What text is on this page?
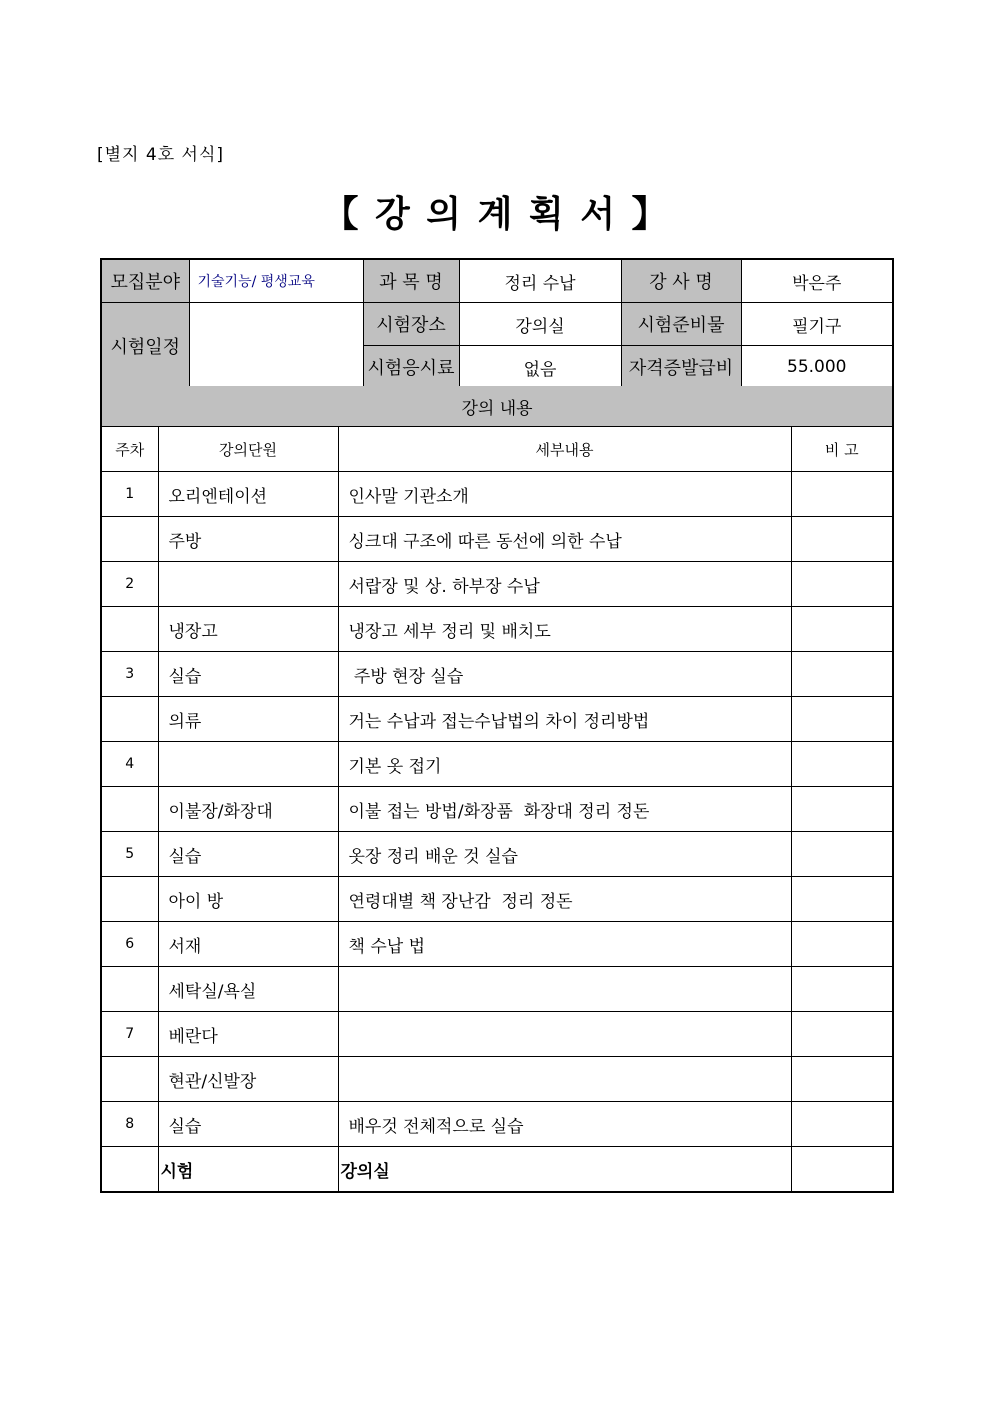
[별지 4호 서식]
【 강 의 계 획 서 】
모집분야	기술기능/ 평생교육	과 목 명	정리 수납	강 사 명	박은주
시험일정		시험장소	강의실	시험준비물	필기구
		시험응시료	없음	자격증발급비	55.000
강의 내용			
주차	강의단원	세부내용	비 고
1	오리엔테이션	인사말 기관소개	
	주방	싱크대 구조에 따른 동선에 의한 수납	
2		서랍장 및 상. 하부장 수납	
	냉장고	냉장고 세부 정리 및 배치도	
3	실습	주방 현장 실습	
	의류	거는 수납과 접는수납법의 차이 정리방법	
4		기본 옷 접기	
	이불장/화장대	이불 접는 방법/화장품  화장대 정리 정돈	
5	실습	옷장 정리 배운 것 실습	
	아이 방	연령대별 책 장난감  정리 정돈	
6	서재	책 수납 법	
	세탁실/욕실		
7	베란다		
	현관/신발장		
8	실습	배우것 전체적으로 실습	
	시험	강의실	
